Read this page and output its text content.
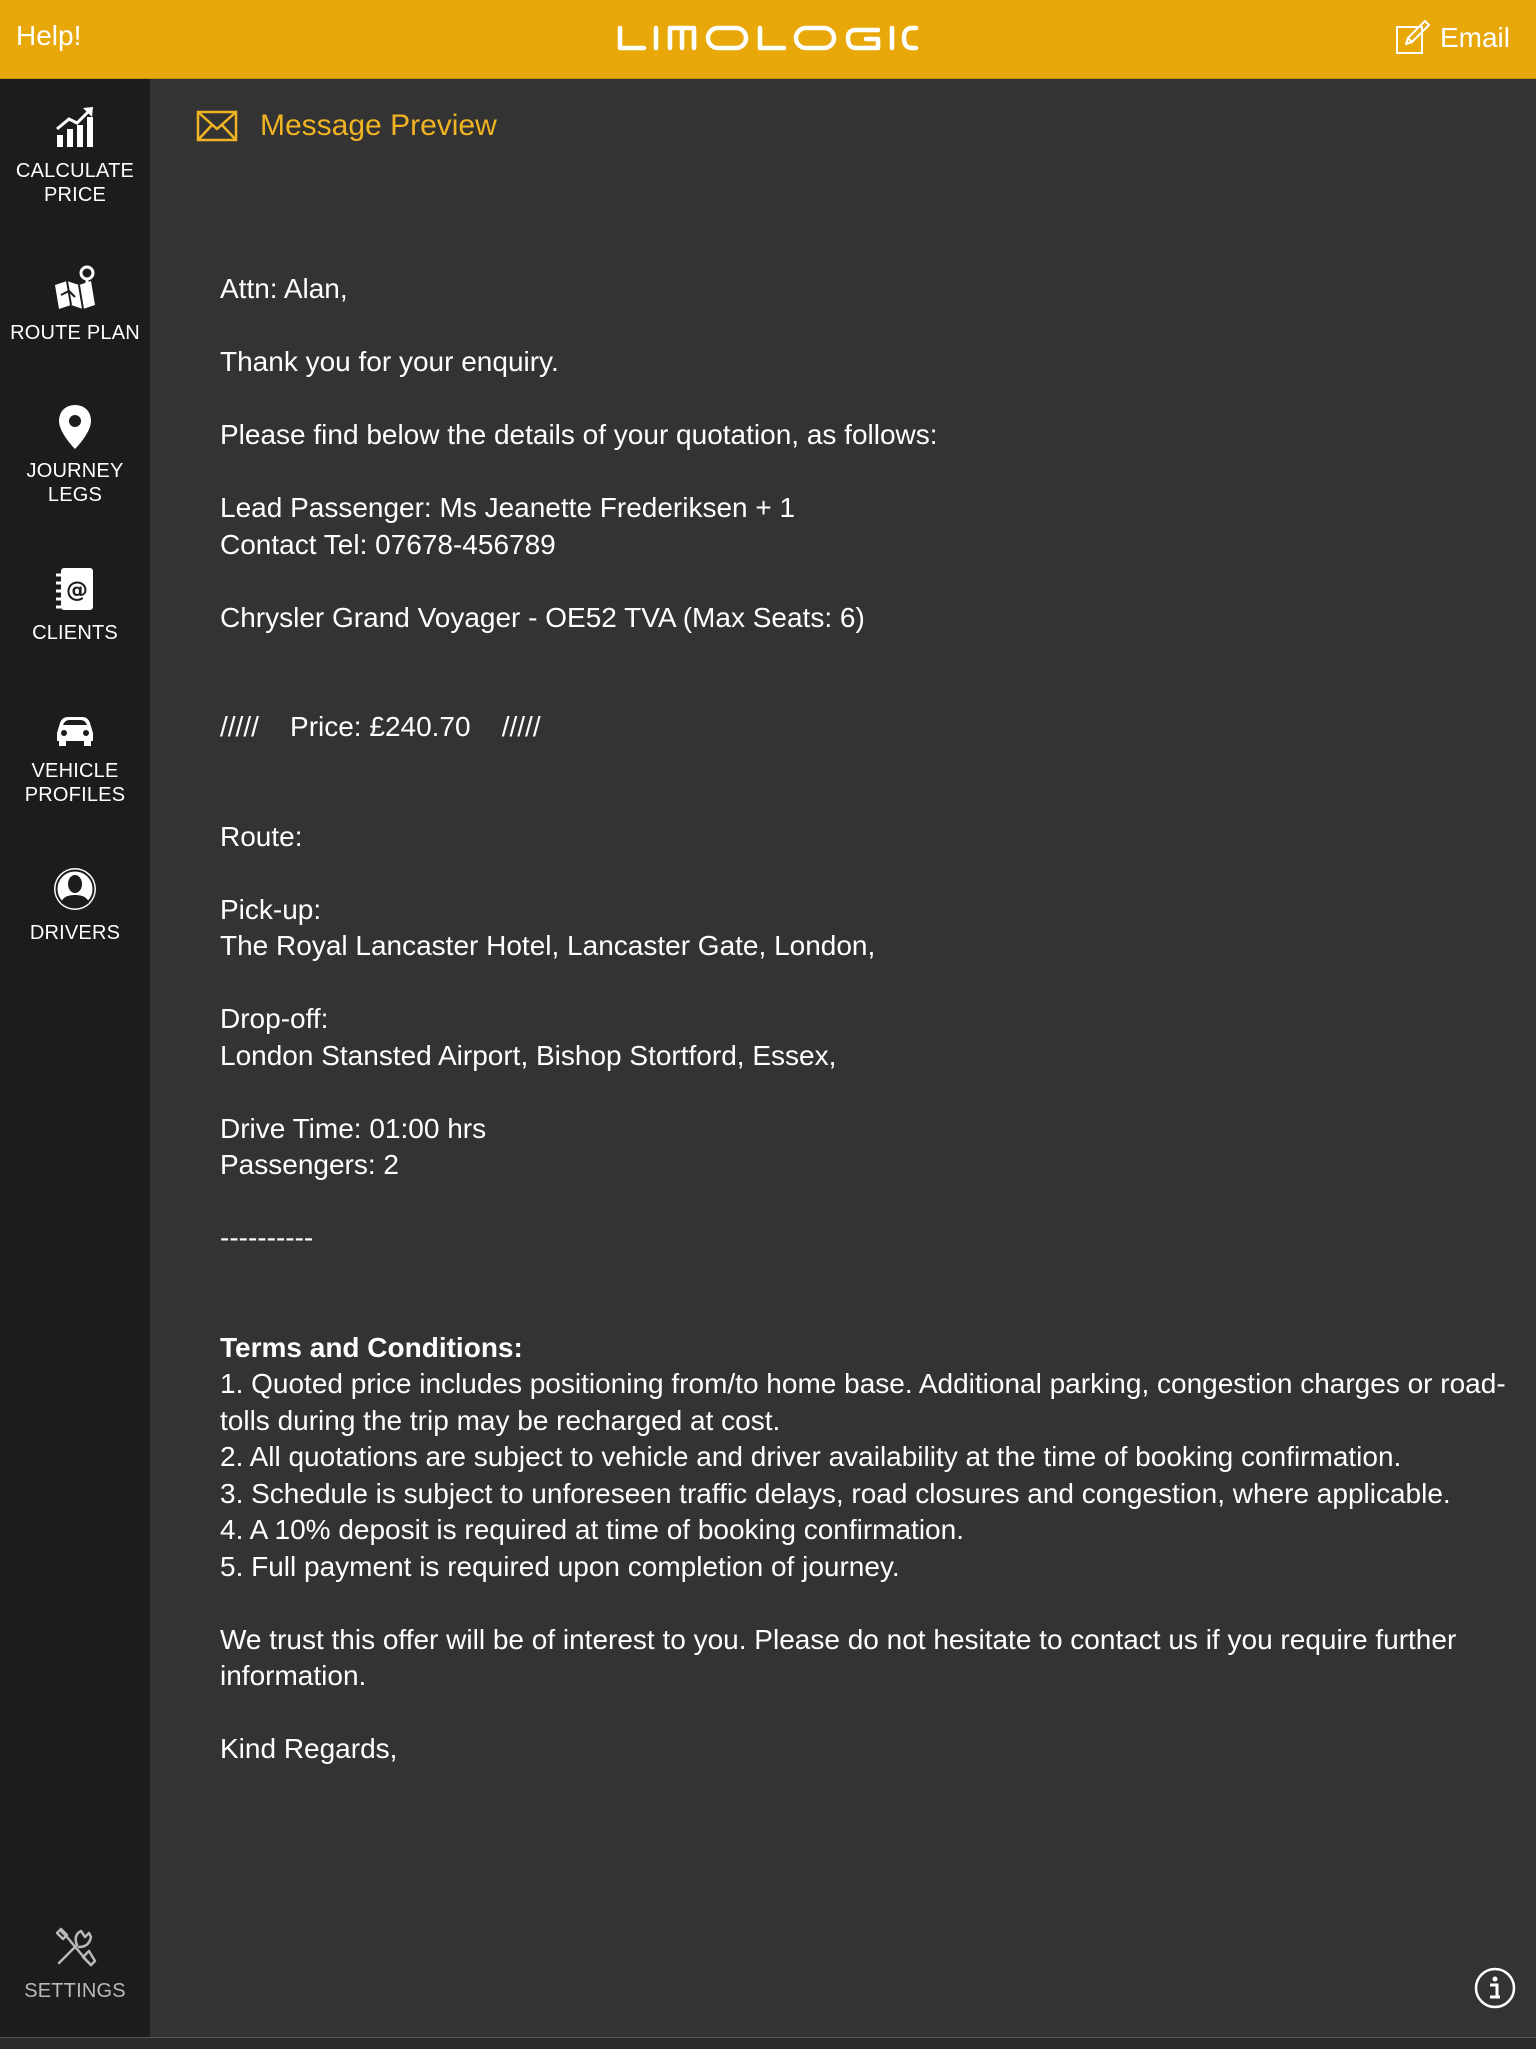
Help!	Email
CALCULATE
PRICE
ROUTE PLAN
JOURNEY
LEGS
@
CLIENTS
VEHICLE
PROFILES
DRIVERS
SETTINGS
Message Preview
Attn: Alan,
Thank you for your enquiry.
Please find below the details of your quotation, as follows:
Lead Passenger: Ms Jeanette Frederiksen + 1
Contact Tel: 07678-456789
Chrysler Grand Voyager - OE52 TVA (Max Seats: 6)
/////    Price: £240.70    /////
Route:
Pick-up:
The Royal Lancaster Hotel, Lancaster Gate, London,
Drop-off:
London Stansted Airport, Bishop Stortford, Essex,
Drive Time: 01:00 hrs
Passengers: 2
----------
Terms and Conditions:
1. Quoted price includes positioning from/to home base. Additional parking, congestion charges or road-tolls during the trip may be recharged at cost.
2. All quotations are subject to vehicle and driver availability at the time of booking confirmation.
3. Schedule is subject to unforeseen traffic delays, road closures and congestion, where applicable.
4. A 10% deposit is required at time of booking confirmation.
5. Full payment is required upon completion of journey.
We trust this offer will be of interest to you. Please do not hesitate to contact us if you require further information.
Kind Regards,
